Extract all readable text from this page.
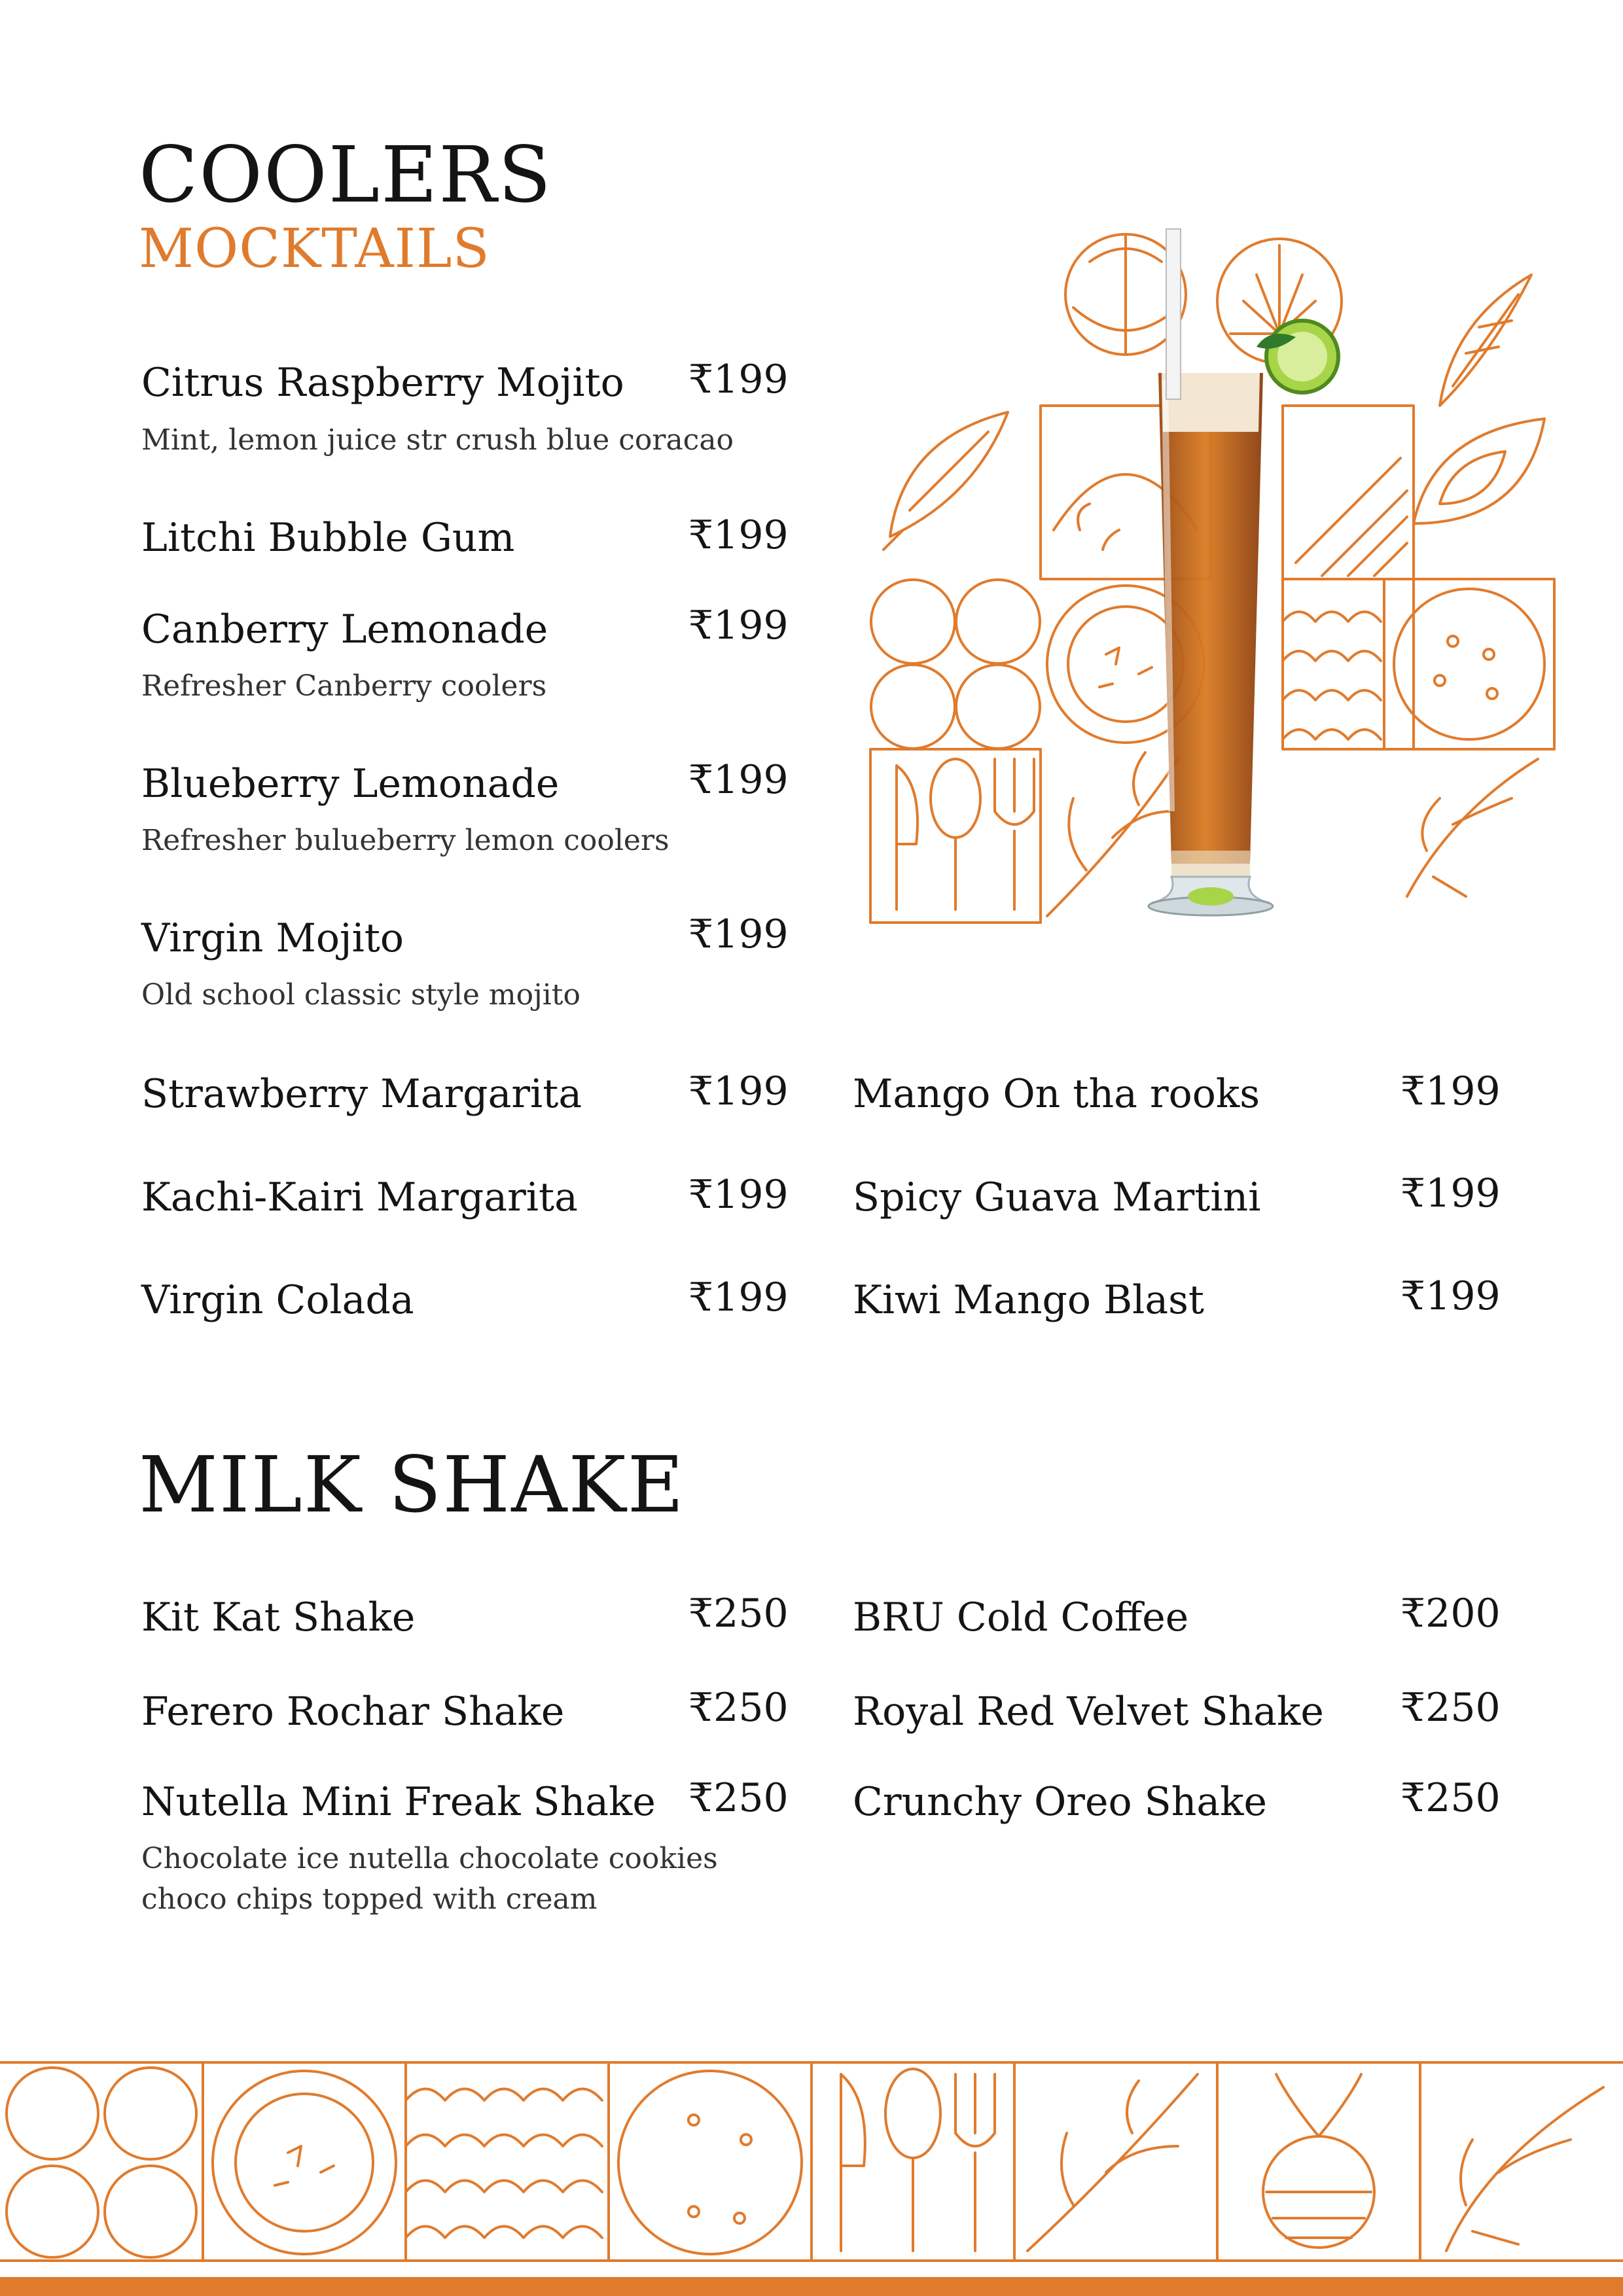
COOLERS
MOCKTAILS
Citrus Raspberry Mojito ₹199
Mint, lemon juice str crush blue coracao
Litchi Bubble Gum	₹199
Canberry Lemonade	₹199
Refresher Canberry coolers
Blueberry Lemonade	₹199
Refresher bulueberry lemon coolers
Virgin Mojito	₹199
Old school classic style mojito
Strawberry Margarita	₹199
Kachi-Kairi Margarita	₹199
Virgin Colada	₹199
Mango On tha rooks	₹199
Spicy Guava Martini	₹199
Kiwi Mango Blast	₹199
MILK SHAKE
Kit Kat Shake	₹250
Ferero Rochar Shake	₹250
Nutella Mini Freak Shake ₹250
Chocolate ice nutella chocolate cookies
choco chips topped with cream
BRU Cold Coffee	₹200
Royal Red Velvet Shake ₹250
Crunchy Oreo Shake	₹250
